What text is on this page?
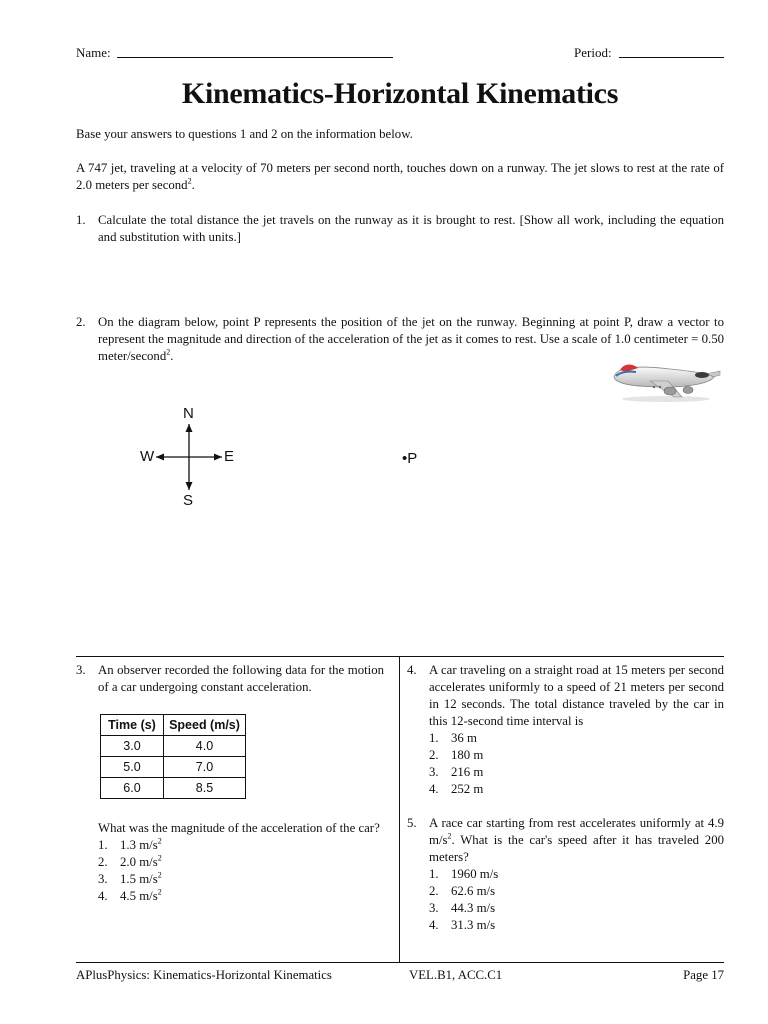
Name:	Period:
Kinematics-Horizontal Kinematics
Base your answers to questions 1 and 2 on the information below.
A 747 jet, traveling at a velocity of 70 meters per second north, touches down on a runway. The jet slows to rest at the rate of 2.0 meters per second$^2$.
1. Calculate the total distance the jet travels on the runway as it is brought to rest. [Show all work, including the equation and substitution with units.]
2. On the diagram below, point P represents the position of the jet on the runway. Beginning at point P, draw a vector to represent the magnitude and direction of the acceleration of the jet as it comes to rest. Use a scale of 1.0 centimeter = 0.50 meter/second$^2$.
N
S
W	E	•P
3. An observer recorded the following data for the motion of a car undergoing constant acceleration.
Time (s)	Speed (m/s)
3.0	4.0
5.0	7.0
6.0	8.5
What was the magnitude of the acceleration of the car?
1. 1.3 $m/s^2$
2. 2.0 $m/s^2$
3. 1.5 $m/s^2$
4. 4.5 $m/s^2$
4. A car traveling on a straight road at 15 meters per second accelerates uniformly to a speed of 21 meters per second in 12 seconds. The total distance traveled by the car in this 12-second time interval is
1. 36 m
2. 180 m
3. 216 m
4. 252 m
5. A race car starting from rest accelerates uniformly at 4.9 $m/s^2$. What is the car's speed after it has traveled 200 meters?
1. 1960 m/s
2. 62.6 m/s
3. 44.3 m/s
4. 31.3 m/s
APlusPhysics: Kinematics-Horizontal Kinematics	VEL.B1, ACC.C1	Page 17
